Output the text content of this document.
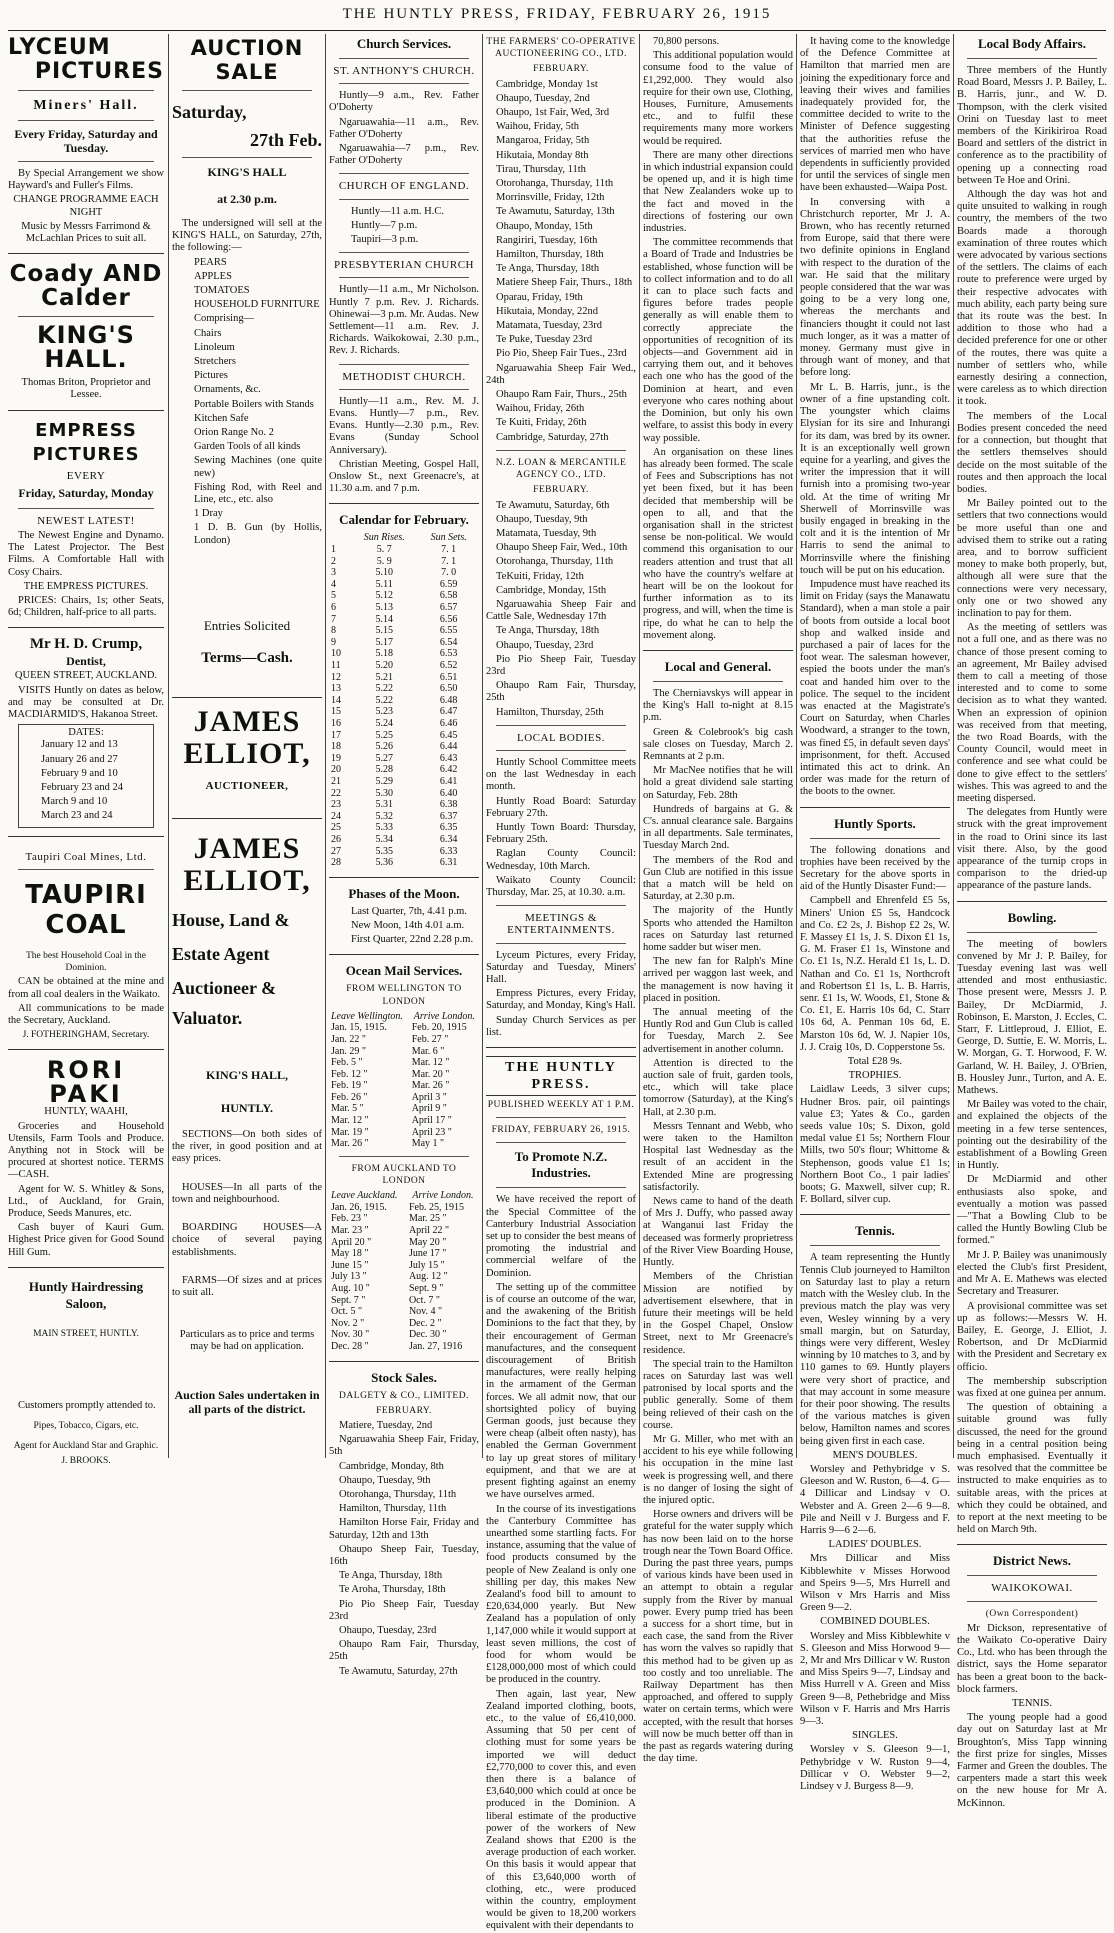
THE HUNTLY PRESS, FRIDAY, FEBRUARY 26, 1915
LYCEUM
PICTURES
Miners' Hall.
Every Friday, Saturday and Tuesday.

By Special Arrangement we show Hayward's and Fuller's Films.

CHANGE PROGRAMME EACH NIGHT

Music by Messrs Farrimond & McLachlan Prices to suit all.

Coady AND Calder
KING'S HALL.

Thomas Briton, Proprietor and Lessee.

EMPRESS PICTURES
EVERY
Friday, Saturday, Monday
NEWEST LATEST!

The Newest Engine and Dynamo. The Latest Projector. The Best Films. A Comfortable Hall with Cosy Chairs.

THE EMPRESS PICTURES.

PRICES: Chairs, 1s; other Seats, 6d; Children, half-price to all parts.

Mr H. D. Crump,
Dentist,

QUEEN STREET, AUCKLAND.

VISITS Huntly on dates as below, and may be consulted at Dr. MACDIARMID'S, Hakanoa Street.

DATES:

January 12 and 13

January 26 and 27

February 9 and 10

February 23 and 24

March 9 and 10

March 23 and 24

Taupiri Coal Mines, Ltd.
TAUPIRI COAL

The best Household Coal in the Dominion.

CAN be obtained at the mine and from all coal dealers in the Waikato.

All communications to be made the Secretary, Auckland.

J. FOTHERINGHAM, Secretary.

RORI PAKI

HUNTLY, WAAHI,

Groceries and Household Utensils, Farm Tools and Produce. Anything not in Stock will be procured at shortest notice. TERMS—CASH.

Agent for W. S. Whitley & Sons, Ltd., of Auckland, for Grain, Produce, Seeds Manures, etc.

Cash buyer of Kauri Gum. Highest Price given for Good Sound Hill Gum.

Huntly Hairdressing Saloon,

MAIN STREET, HUNTLY.

Customers promptly attended to.

Pipes, Tobacco, Cigars, etc.

Agent for Auckland Star and Graphic.

J. BROOKS.

AUCTION SALE
Saturday,
27th Feb.
KING'S HALL
at 2.30 p.m.

The undersigned will sell at the KING'S HALL, on Saturday, 27th, the following:—

PEARS

APPLES

TOMATOES

HOUSEHOLD FURNITURE

Comprising—

Chairs

Linoleum

Stretchers

Pictures

Ornaments, &c.

Portable Boilers with Stands

Kitchen Safe

Orion Range No. 2

Garden Tools of all kinds

Sewing Machines (one quite new)

Fishing Rod, with Reel and Line, etc., etc. also

1 Dray

1 D. B. Gun (by Hollis, London)

Entries Solicited
Terms—Cash.
JAMES ELLIOT,
AUCTIONEER,
JAMES ELLIOT,
House, Land &
Estate Agent
Auctioneer &
Valuator.
KING'S HALL,
HUNTLY.

SECTIONS—On both sides of the river, in good position and at easy prices.

HOUSES—In all parts of the town and neighbourhood.

BOARDING HOUSES—A choice of several paying establishments.

FARMS—Of sizes and at prices to suit all.

Particulars as to price and terms may be had on application.

Auction Sales undertaken in all parts of the district.
Church Services.
ST. ANTHONY'S CHURCH.

Huntly—9 a.m., Rev. Father O'Doherty

Ngaruawahia—11 a.m., Rev. Father O'Doherty

Ngaruawahia—7 p.m., Rev. Father O'Doherty

CHURCH OF ENGLAND.

Huntly—11 a.m. H.C.

Huntly—7 p.m.

Taupiri—3 p.m.

PRESBYTERIAN CHURCH

Huntly—11 a.m., Mr Nicholson. Huntly 7 p.m. Rev. J. Richards. Ohinewai—3 p.m. Mr. Audas. New Settlement—11 a.m. Rev. J. Richards. Waikokowai, 2.30 p.m., Rev. J. Richards.

METHODIST CHURCH.

Huntly—11 a.m., Rev. M. J. Evans. Huntly—7 p.m., Rev. Evans. Huntly—2.30 p.m., Rev. Evans (Sunday School Anniversary).

Christian Meeting, Gospel Hall, Onslow St., next Greenacre's, at 11.30 a.m. and 7 p.m.

Calendar for February.
	Sun Rises.	Sun Sets.
1	5. 7	7. 1
2	5. 9	7. 1
3	5.10	7. 0
4	5.11	6.59
5	5.12	6.58
6	5.13	6.57
7	5.14	6.56
8	5.15	6.55
9	5.17	6.54
10	5.18	6.53
11	5.20	6.52
12	5.21	6.51
13	5.22	6.50
14	5.22	6.48
15	5.23	6.47
16	5.24	6.46
17	5.25	6.45
18	5.26	6.44
19	5.27	6.43
20	5.28	6.42
21	5.29	6.41
22	5.30	6.40
23	5.31	6.38
24	5.32	6.37
25	5.33	6.35
26	5.34	6.34
27	5.35	6.33
28	5.36	6.31
Phases of the Moon.

Last Quarter, 7th, 4.41 p.m.

New Moon, 14th 4.01 a.m.

First Quarter, 22nd 2.28 p.m.

Ocean Mail Services.
FROM WELLINGTON TO LONDON
Leave Wellington.	Arrive London.
Jan. 15, 1915.	Feb. 20, 1915
Jan. 22 "	Feb. 27 "
Jan. 29 "	Mar. 6 "
Feb. 5 "	Mar. 12 "
Feb. 12 "	Mar. 20 "
Feb. 19 "	Mar. 26 "
Feb. 26 "	April 3 "
Mar. 5 "	April 9 "
Mar. 12 "	April 17 "
Mar. 19 "	April 23 "
Mar. 26 "	May 1 "
FROM AUCKLAND TO LONDON
Leave Auckland.	Arrive London.
Jan. 26, 1915.	Feb. 25, 1915
Feb. 23 "	Mar. 25 "
Mar. 23 "	April 22 "
April 20 "	May 20 "
May 18 "	June 17 "
June 15 "	July 15 "
July 13 "	Aug. 12 "
Aug. 10 "	Sept. 9 "
Sept. 7 "	Oct. 7 "
Oct. 5 "	Nov. 4 "
Nov. 2 "	Dec. 2 "
Nov. 30 "	Dec. 30 "
Dec. 28 "	Jan. 27, 1916
Stock Sales.
DALGETY & CO., LIMITED.
FEBRUARY.

Matiere, Tuesday, 2nd

Ngaruawahia Sheep Fair, Friday, 5th

Cambridge, Monday, 8th

Ohaupo, Tuesday, 9th

Otorohanga, Thursday, 11th

Hamilton, Thursday, 11th

Hamilton Horse Fair, Friday and Saturday, 12th and 13th

Ohaupo Sheep Fair, Tuesday, 16th

Te Anga, Thursday, 18th

Te Aroha, Thursday, 18th

Pio Pio Sheep Fair, Tuesday 23rd

Ohaupo, Tuesday, 23rd

Ohaupo Ram Fair, Thursday, 25th

Te Awamutu, Saturday, 27th

THE FARMERS' CO-OPERATIVE AUCTIONEERING CO., LTD.
FEBRUARY.

Cambridge, Monday 1st

Ohaupo, Tuesday, 2nd

Ohaupo, 1st Fair, Wed, 3rd

Waihou, Friday, 5th

Mangaroa, Friday, 5th

Hikutaia, Monday 8th

Tirau, Thursday, 11th

Otorohanga, Thursday, 11th

Morrinsville, Friday, 12th

Te Awamutu, Saturday, 13th

Ohaupo, Monday, 15th

Rangiriri, Tuesday, 16th

Hamilton, Thursday, 18th

Te Anga, Thursday, 18th

Matiere Sheep Fair, Thurs., 18th

Oparau, Friday, 19th

Hikutaia, Monday, 22nd

Matamata, Tuesday, 23rd

Te Puke, Tuesday 23rd

Pio Pio, Sheep Fair Tues., 23rd

Ngaruawahia Sheep Fair Wed., 24th

Ohaupo Ram Fair, Thurs., 25th

Waihou, Friday, 26th

Te Kuiti, Friday, 26th

Cambridge, Saturday, 27th

N.Z. LOAN & MERCANTILE AGENCY CO., LTD.
FEBRUARY.

Te Awamutu, Saturday, 6th

Ohaupo, Tuesday, 9th

Matamata, Tuesday, 9th

Ohaupo Sheep Fair, Wed., 10th

Otorohanga, Thursday, 11th

TeKuiti, Friday, 12th

Cambridge, Monday, 15th

Ngaruawahia Sheep Fair and Cattle Sale, Wednesday 17th

Te Anga, Thursday, 18th

Ohaupo, Tuesday, 23rd

Pio Pio Sheep Fair, Tuesday 23rd

Ohaupo Ram Fair, Thursday, 25th

Hamilton, Thursday, 25th

LOCAL BODIES.

Huntly School Committee meets on the last Wednesday in each month.

Huntly Road Board: Saturday February 27th.

Huntly Town Board: Thursday, February 25th.

Raglan County Council: Wednesday, 10th March.

Waikato County Council: Thursday, Mar. 25, at 10.30. a.m.

MEETINGS & ENTERTAINMENTS.

Lyceum Pictures, every Friday, Saturday and Tuesday, Miners' Hall.

Empress Pictures, every Friday, Saturday, and Monday, King's Hall.

Sunday Church Services as per list.

THE HUNTLY PRESS.
PUBLISHED WEEKLY AT 1 P.M.
FRIDAY, FEBRUARY 26, 1915.
To Promote N.Z. Industries.

We have received the report of the Special Committee of the Canterbury Industrial Association set up to consider the best means of promoting the industrial and commercial welfare of the Dominion.

The setting up of the committee is of course an outcome of the war, and the awakening of the British Dominions to the fact that they, by their encouragement of German manufactures, and the consequent discouragement of British manufactures, were really helping in the armament of the German forces. We all admit now, that our shortsighted policy of buying German goods, just because they were cheap (albeit often nasty), has enabled the German Government to lay up great stores of military equipment, and that we are at present fighting against an enemy we have ourselves armed.

In the course of its investigations the Canterbury Committee has unearthed some startling facts. For instance, assuming that the value of food products consumed by the people of New Zealand is only one shilling per day, this makes New Zealand's food bill to amount to £20,634,000 yearly. But New Zealand has a population of only 1,147,000 while it would support at least seven millions, the cost of food for whom would be £128,000,000 most of which could be produced in the country.

Then again, last year, New Zealand imported clothing, boots, etc., to the value of £6,410,000. Assuming that 50 per cent of clothing must for some years be imported we will deduct £2,770,000 to cover this, and even then there is a balance of £3,640,000 which could at once be produced in the Dominion. A liberal estimate of the productive power of the workers of New Zealand shows that £200 is the average production of each worker. On this basis it would appear that of this £3,640,000 worth of clothing, etc., were produced within the country, employment would be given to 18,200 workers equivalent with their dependants to

70,800 persons.

This additional population would consume food to the value of £1,292,000. They would also require for their own use, Clothing, Houses, Furniture, Amusements etc., and to fulfil these requirements many more workers would be required.

There are many other directions in which industrial expansion could be opened up, and it is high time that New Zealanders woke up to the fact and moved in the directions of fostering our own industries.

The committee recommends that a Board of Trade and Industries be established, whose function will be to collect information and to do all it can to place such facts and figures before trades people generally as will enable them to correctly appreciate the opportunities of recognition of its objects—and Government aid in carrying them out, and it behoves each one who has the good of the Dominion at heart, and even everyone who cares nothing about the Dominion, but only his own welfare, to assist this body in every way possible.

An organisation on these lines has already been formed. The scale of Fees and Subscriptions has not yet been fixed, but it has been decided that membership will be open to all, and that the organisation shall in the strictest sense be non-political. We would commend this organisation to our readers attention and trust that all who have the country's welfare at heart will be on the lookout for further information as to its progress, and will, when the time is ripe, do what he can to help the movement along.

Local and General.

The Cherniavskys will appear in the King's Hall to-night at 8.15 p.m.

Green & Colebrook's big cash sale closes on Tuesday, March 2. Remnants at 2 p.m.

Mr MacNee notifies that he will hold a great dividend sale starting on Saturday, Feb. 28th

Hundreds of bargains at G. & C's. annual clearance sale. Bargains in all departments. Sale terminates, Tuesday March 2nd.

The members of the Rod and Gun Club are notified in this issue that a match will be held on Saturday, at 2.30 p.m.

The majority of the Huntly Sports who attended the Hamilton races on Saturday last returned home sadder but wiser men.

The new fan for Ralph's Mine arrived per waggon last week, and the management is now having it placed in position.

The annual meeting of the Huntly Rod and Gun Club is called for Tuesday, March 2. See advertisement in another column.

Attention is directed to the auction sale of fruit, garden tools, etc., which will take place tomorrow (Saturday), at the King's Hall, at 2.30 p.m.

Messrs Tennant and Webb, who were taken to the Hamilton Hospital last Wednesday as the result of an accident in the Extended Mine are progressing satisfactorily.

News came to hand of the death of Mrs J. Duffy, who passed away at Wanganui last Friday the deceased was formerly proprietress of the River View Boarding House, Huntly.

Members of the Christian Mission are notified by advertisement elsewhere, that in future their meetings will be held in the Gospel Chapel, Onslow Street, next to Mr Greenacre's residence.

The special train to the Hamilton races on Saturday last was well patronised by local sports and the public generally. Some of them being relieved of their cash on the course.

Mr G. Miller, who met with an accident to his eye while following his occupation in the mine last week is progressing well, and there is no danger of losing the sight of the injured optic.

Horse owners and drivers will be grateful for the water supply which has now been laid on to the horse trough near the Town Board Office. During the past three years, pumps of various kinds have been used in an attempt to obtain a regular supply from the River by manual power. Every pump tried has been a success for a short time, but in each case, the sand from the River has worn the valves so rapidly that this method had to be given up as too costly and too unreliable. The Railway Department has then approached, and offered to supply water on certain terms, which were accepted, with the result that horses will now be much better off than in the past as regards watering during the day time.

It having come to the knowledge of the Defence Committee at Hamilton that married men are joining the expeditionary force and leaving their wives and families inadequately provided for, the committee decided to write to the Minister of Defence suggesting that the authorities refuse the services of married men who have dependents in sufficiently provided for until the services of single men have been exhausted—Waipa Post.

In conversing with a Christchurch reporter, Mr J. A. Brown, who has recently returned from Europe, said that there were two definite opinions in England with respect to the duration of the war. He said that the military people considered that the war was going to be a very long one, whereas the merchants and financiers thought it could not last much longer, as it was a matter of money. Germany must give in through want of money, and that before long.

Mr L. B. Harris, junr., is the owner of a fine upstanding colt. The youngster which claims Elysian for its sire and Inhurangi for its dam, was bred by its owner. It is an exceptionally well grown equine for a yearling, and gives the writer the impression that it will furnish into a promising two-year old. At the time of writing Mr Sherwell of Morrinsville was busily engaged in breaking in the colt and it is the intention of Mr Harris to send the animal to Morrinsville where the finishing touch will be put on his education.

Impudence must have reached its limit on Friday (says the Manawatu Standard), when a man stole a pair of boots from outside a local boot shop and walked inside and purchased a pair of laces for the foot wear. The salesman however, espied the boots under the man's coat and handed him over to the police. The sequel to the incident was enacted at the Magistrate's Court on Saturday, when Charles Woodward, a stranger to the town, was fined £5, in default seven days' imprisonment, for theft. Accused intimated this act to drink. An order was made for the return of the boots to the owner.

Huntly Sports.

The following donations and trophies have been received by the Secretary for the above sports in aid of the Huntly Disaster Fund:—

Campbell and Ehrenfeld £5 5s, Miners' Union £5 5s, Handcock and Co. £2 2s, J. Bishop £2 2s, W. F. Massey £1 1s, J. S. Dixon £1 1s, G. M. Fraser £1 1s, Winstone and Co. £1 1s, N.Z. Herald £1 1s, L. D. Nathan and Co. £1 1s, Northcroft and Robertson £1 1s, L. B. Harris, senr. £1 1s, W. Woods, £1, Stone & Co. £1, E. Harris 10s 6d, C. Starr 10s 6d, A. Penman 10s 6d, E. Marston 10s 6d, W. J. Napier 10s, J. J. Craig 10s, D. Copperstone 5s.

Total £28 9s.

TROPHIES.

Laidlaw Leeds, 3 silver cups; Hudner Bros. pair, oil paintings value £3; Yates & Co., garden seeds value 10s; S. Dixon, gold medal value £1 5s; Northern Flour Mills, two 50's flour; Whittome & Stephenson, goods value £1 1s; Northern Boot Co., 1 pair ladies' boots; G. Maxwell, silver cup; R. F. Bollard, silver cup.

Tennis.

A team representing the Huntly Tennis Club journeyed to Hamilton on Saturday last to play a return match with the Wesley club. In the previous match the play was very even, Wesley winning by a very small margin, but on Saturday, things were very different, Wesley winning by 10 matches to 3, and by 110 games to 69. Huntly players were very short of practice, and that may account in some measure for their poor showing. The results of the various matches is given below, Hamilton names and scores being given first in each case.

MEN'S DOUBLES.

Worsley and Pethybridge v S. Gleeson and W. Ruston, 6—4. G—4 Dillicar and Lindsay v O. Webster and A. Green 2—6 9—8. Pile and Neill v J. Burgess and F. Harris 9—6 2—6.

LADIES' DOUBLES.

Mrs Dillicar and Miss Kibblewhite v Misses Horwood and Speirs 9—5, Mrs Hurrell and Wilson v Mrs Harris and Miss Green 9—2.

COMBINED DOUBLES.

Worsley and Miss Kibblewhite v S. Gleeson and Miss Horwood 9—2, Mr and Mrs Dillicar v W. Ruston and Miss Speirs 9—7, Lindsay and Miss Hurrell v A. Green and Miss Green 9—8, Pethebridge and Miss Wilson v F. Harris and Mrs Harris 9—3.

SINGLES.

Worsley v S. Gleeson 9—1, Pethybridge v W. Ruston 9—4, Dillicar v O. Webster 9—2, Lindsey v J. Burgess 8—9.

Local Body Affairs.

Three members of the Huntly Road Board, Messrs J. P. Bailey, L. B. Harris, junr., and W. D. Thompson, with the clerk visited Orini on Tuesday last to meet members of the Kirikiriroa Road Board and settlers of the district in conference as to the practibility of opening up a connecting road between Te Hoe and Orini.

Although the day was hot and quite unsuited to walking in rough country, the members of the two Boards made a thorough examination of three routes which were advocated by various sections of the settlers. The claims of each route to preference were urged by their respective advocates with much ability, each party being sure that its route was the best. In addition to those who had a decided preference for one or other of the routes, there was quite a number of settlers who, while earnestly desiring a connection, were careless as to which direction it took.

The members of the Local Bodies present conceded the need for a connection, but thought that the settlers themselves should decide on the most suitable of the routes and then approach the local bodies.

Mr Bailey pointed out to the settlers that two connections would be more useful than one and advised them to strike out a rating area, and to borrow sufficient money to make both properly, but, although all were sure that the connections were very necessary, only one or two showed any inclination to pay for them.

As the meeting of settlers was not a full one, and as there was no chance of those present coming to an agreement, Mr Bailey advised them to call a meeting of those interested and to come to some decision as to what they wanted. When an expression of opinion was received from that meeting, the two Road Boards, with the County Council, would meet in conference and see what could be done to give effect to the settlers' wishes. This was agreed to and the meeting dispersed.

The delegates from Huntly were struck with the great improvement in the road to Orini since its last visit there. Also, by the good appearance of the turnip crops in comparison to the dried-up appearance of the pasture lands.

Bowling.

The meeting of bowlers convened by Mr J. P. Bailey, for Tuesday evening last was well attended and most enthusiastic. Those present were, Messrs J. P. Bailey, Dr McDiarmid, J. Robinson, E. Marston, J. Eccles, C. Starr, F. Littleproud, J. Elliot, E. George, D. Suttie, E. W. Morris, L. W. Morgan, G. T. Horwood, F. W. Garland, W. H. Bailey, J. O'Brien, B. Housley Junr., Turton, and A. E. Mathews.

Mr Bailey was voted to the chair, and explained the objects of the meeting in a few terse sentences, pointing out the desirability of the establishment of a Bowling Green in Huntly.

Dr McDiarmid and other enthusiasts also spoke, and eventually a motion was passed—"That a Bowling Club to be called the Huntly Bowling Club be formed."

Mr J. P. Bailey was unanimously elected the Club's first President, and Mr A. E. Mathews was elected Secretary and Treasurer.

A provisional committee was set up as follows:—Messrs W. H. Bailey, E. George, J. Elliot, J. Robertson, and Dr McDiarmid with the President and Secretary ex officio.

The membership subscription was fixed at one guinea per annum.

The question of obtaining a suitable ground was fully discussed, the need for the ground being in a central position being much emphasised. Eventually it was resolved that the committee be instructed to make enquiries as to suitable areas, with the prices at which they could be obtained, and to report at the next meeting to be held on March 9th.

District News.
WAIKOKOWAI.
(Own Correspondent)

Mr Dickson, representative of the Waikato Co-operative Dairy Co., Ltd. who has been through the district, says the Home separator has been a great boon to the back-block farmers.

TENNIS.

The young people had a good day out on Saturday last at Mr Broughton's, Miss Tapp winning the first prize for singles, Misses Farmer and Green the doubles. The carpenters made a start this week on the new house for Mr A. McKinnon.
